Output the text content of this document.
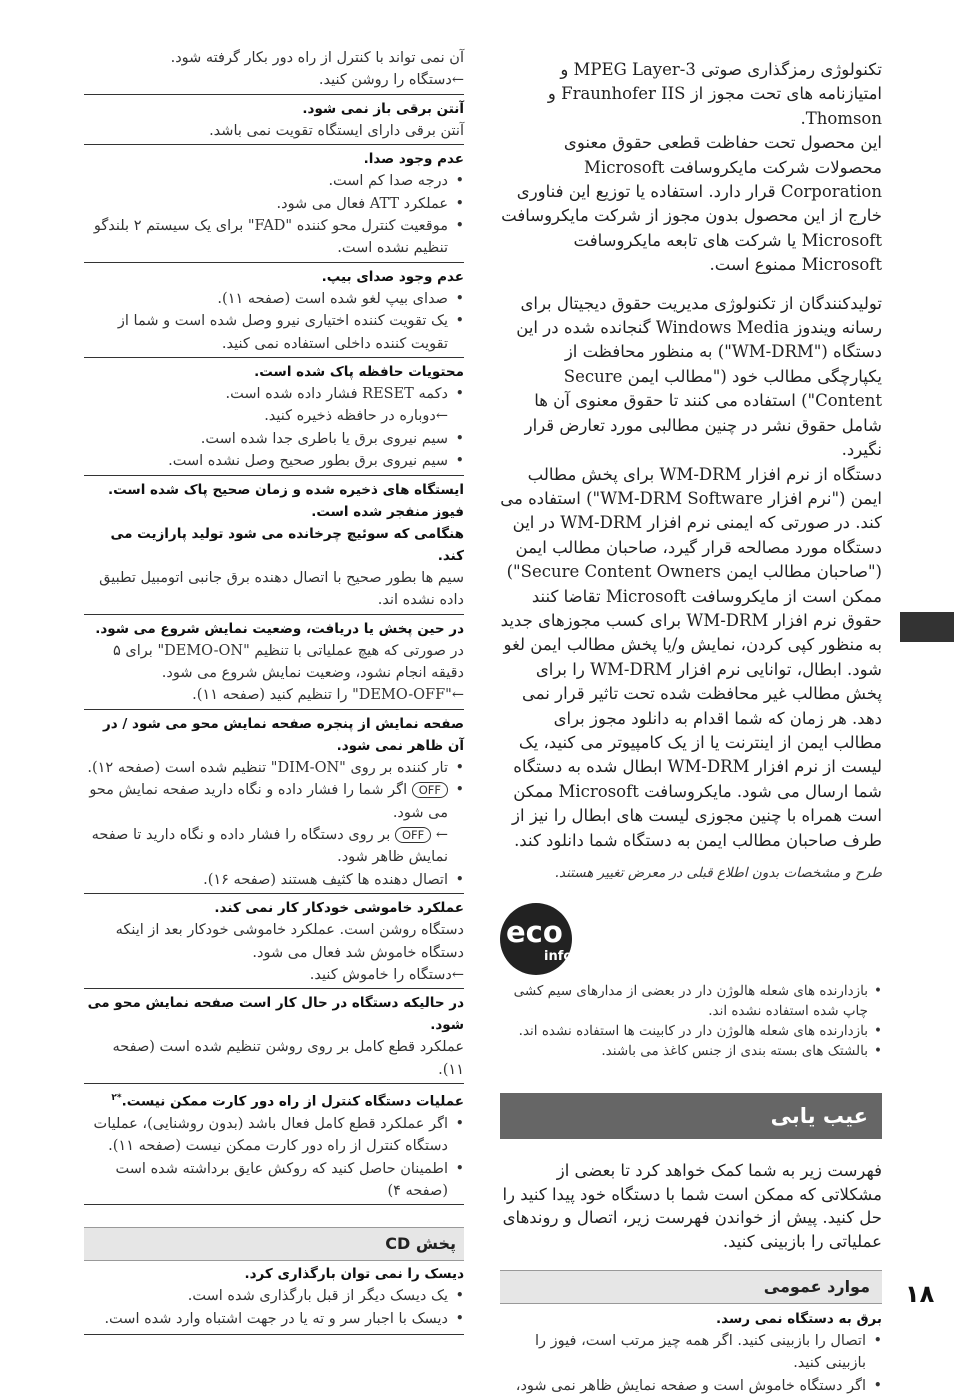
تکنولوژی رمزگذاری صوتی MPEG Layer-3 و امتیازنامه های تحت مجوز از Fraunhofer IIS و Thomson.

این محصول تحت حفاظت قطعی حقوق معنوی محصولات شرکت مایکروسافت Microsoft Corporation قرار دارد. استفاده یا توزیع این فناوری خارج از این محصول بدون مجوز از شرکت مایکروسافت Microsoft یا شرکت های تابعه مایکروسافت Microsoft ممنوع است.

تولیدکنندگان از تکنولوژی مدیریت حقوق دیجیتال برای رسانه ویندوز Windows Media گنجانده شده در این دستگاه ("WM-DRM") به منظور محافظت از یکپارچگی مطالب‌ خود ("مطالب ایمن Secure Content") استفاده می کنند تا حقوق معنوی آن ها شامل حقوق نشر در چنین مطالبی مورد تعارض قرار نگیرد.

دستگاه از نرم افزار WM-DRM برای پخش مطالب ایمن ("نرم افزار WM-DRM Software") استفاده می کند. در صورتی که ایمنی نرم افزار WM-DRM در این دستگاه مورد مصالحه قرار گیرد، صاحبان مطالب ایمن ("صاحبان مطالب ایمن Secure Content Owners") ممکن است از مایکروسافت Microsoft تقاضا کنند حقوق نرم افزار WM-DRM برای کسب مجوزهای جدید به منظور کپی کردن، نمایش و/یا پخش مطالب ایمن لغو شود. ابطال، توانایی نرم افزار WM-DRM را برای پخش مطالب غیر محافظت شده تحت تاثیر قرار نمی دهد. هر زمان که شما اقدام به دانلود مجوز برای مطالب ایمن از اینترنت یا از یک کامپیوتر می کنید، یک لیست از نرم افزار WM-DRM ابطال شده به دستگاه شما ارسال می شود. مایکروسافت Microsoft ممکن است همراه با چنین مجوزی لیست های ابطال را نیز از طرف صاحبان مطالب ایمن به دستگاه شما دانلود کند.

طرح و مشخصات بدون اطلاع قبلی در معرض تغییر هستند.
eco
info
• بازدارنده های شعله هالوژن دار در بعضی از مدارهای سیم کشی چاپ شده استفاده نشده اند.
• بازدارنده های شعله هالوژن دار در کابینت ها استفاده نشده اند.
• بالشتک های بسته بندی از جنس کاغذ می باشند.
عیب یابی

فهرست زیر به شما کمک خواهد کرد تا بعضی از مشکلاتی که ممکن است شما با دستگاه خود پیدا کنید را حل کنید. پیش از خواندن فهرست زیر، اتصال و روندهای عملیاتی را بازبینی کنید.

موارد عمومی
برق به دستگاه نمی رسد.
• اتصال را بازبینی کنید. اگر همه چیز مرتب است، فیوز را بازبینی کنید.
• اگر دستگاه خاموش است و صفحه نمایش ظاهر نمی شود،
آن نمی تواند با کنترل از راه دور بکار گرفته شود.
←دستگاه را روشن کنید.
آنتن برقی باز نمی شود.
آنتن برقی دارای ایستگاه تقویت نمی باشد.
عدم وجود صدا.
• درجه صدا کم است.
• عملکرد ATT فعال می شود.
• موقعیت کنترل محو کننده "FAD" برای یک سیستم ۲ بلندگو تنظیم نشده است.
عدم وجود صدای بیپ.
• صدای بیپ لغو شده است (صفحه ۱۱).
• یک تقویت کننده اختیاری نیرو وصل شده است و شما از تقویت کننده داخلی استفاده نمی کنید.
محتویات حافظه پاک شده است.
• دکمه RESET فشار داده شده است.
←دوباره در حافظه ذخیره کنید.
• سیم نیروی برق یا باطری جدا شده است.
• سیم نیروی برق بطور صحیح وصل نشده است.
ایستگاه های ذخیره شده و زمان صحیح پاک شده است.
فیوز منفجر شده است.
هنگامی که سوئیچ چرخانده می شود تولید پارازیت می کند.
سیم ها بطور صحیح با اتصال دهنده برق جانبی اتومبیل تطبیق داده نشده اند.
در حین پخش یا دریافت، وضعیت نمایش شروع می شود.
در صورتی که هیچ عملیاتی با تنظیم "DEMO-ON" برای ۵ دقیقه انجام نشود، وضعیت نمایش شروع می شود.
←"DEMO-OFF" را تنظیم کنید (صفحه ۱۱).
صفحه نمایش از پنجره صفحه نمایش محو می شود / در آن ظاهر نمی شود.
• تار کننده بر روی "DIM-ON" تنظیم شده است (صفحه ۱۲).
• OFF اگر شما را فشار داده و نگاه دارید صفحه نمایش محو می شود.
← OFF بر روی دستگاه را فشار داده و نگاه دارید تا صفحه نمایش ظاهر شود.
• اتصال دهنده ها کثیف هستند (صفحه ۱۶).
عملکرد خاموشی خودکار کار نمی کند.
دستگاه روشن است. عملکرد خاموشی خودکار بعد از اینکه دستگاه خاموش شد فعال می شود.
←دستگاه را خاموش کنید.
در حالیکه دستگاه در حال کار است صفحه نمایش محو می شود.
عملکرد قطع کامل بر روی روشن تنظیم شده است (صفحه ۱۱).
عملیات دستگاه کنترل از راه دور کارت ممکن نیست.$^{*۲}$
• اگر عملکرد قطع کامل فعال باشد (بدون روشنایی)، عملیات دستگاه کنترل از راه دور کارت ممکن نیست (صفحه ۱۱).
• اطمینان حاصل کنید که روکش عایق برداشته شده است (صفحه ۴)
پخش CD
دیسک را نمی توان بارگذاری کرد.
• یک دیسک دیگر از قبل بارگذاری شده است.
• دیسک با اجبار سر و ته یا در جهت اشتباه وارد شده است.
۱۸
